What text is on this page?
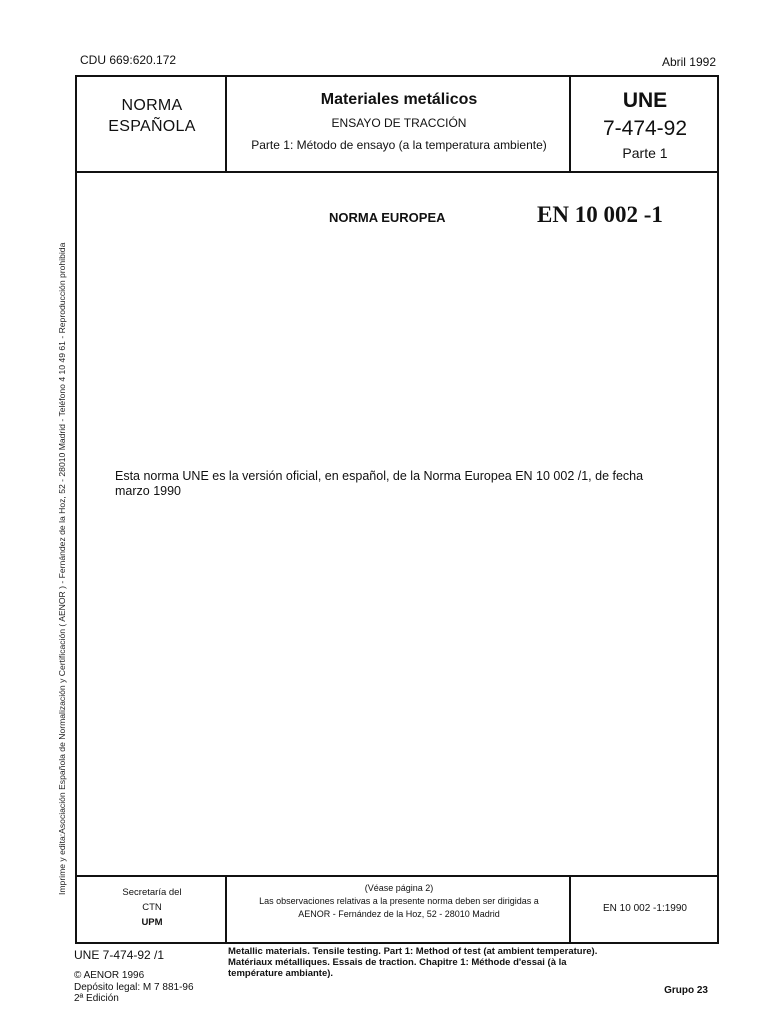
CDU 669:620.172	Abril 1992
NORMA
ESPAÑOLA
Materiales metálicos
ENSAYO DE TRACCIÓN
Parte 1: Método de ensayo (a la temperatura ambiente)
UNE
7-474-92
Parte 1
NORMA EUROPEA	EN 10 002 -1
Esta norma UNE es la versión oficial, en español, de la Norma Europea EN 10 002 /1, de fecha marzo 1990
Secretaría del
CTN
UPM
(Véase página 2)
Las observaciones relativas a la presente norma deben ser dirigidas a
AENOR - Fernández de la Hoz, 52 - 28010 Madrid	EN 10 002 -1:1990
Imprime y edita:Asociación Española de Normalización y Certificación ( AENOR ) - Fernández de la Hoz, 52 - 28010 Madrid - Teléfono 4 10 49 61 - Reproducción prohibida
UNE 7-474-92 /1
© AENOR 1996
Depósito legal: M 7 881-96
2ª Edición
Metallic materials. Tensile testing. Part 1: Method of test (at ambient temperature).
Matériaux métalliques. Essais de traction. Chapitre 1: Méthode d'essai (à la température ambiante).
Grupo 23
